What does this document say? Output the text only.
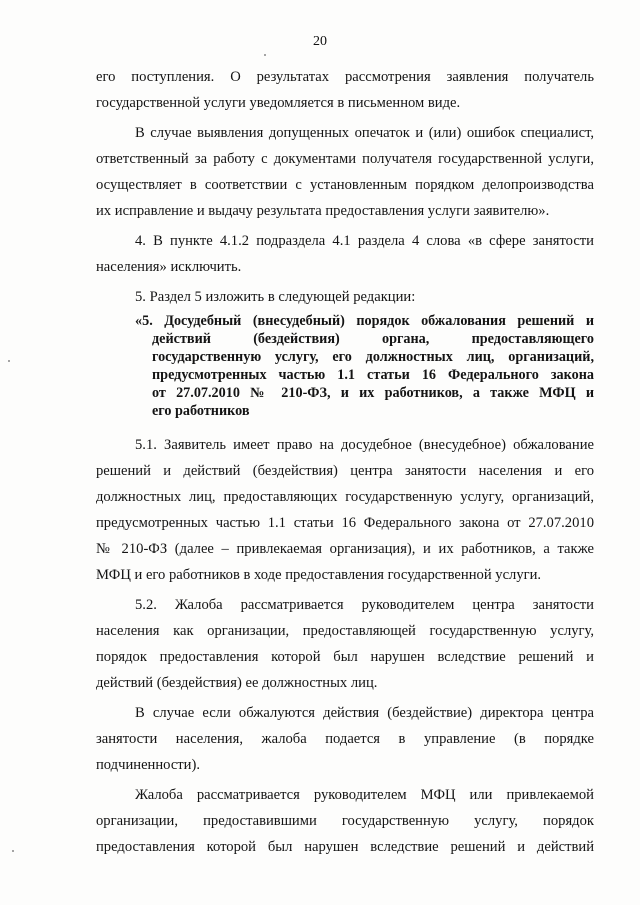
20
его поступления. О результатах рассмотрения заявления получатель
государственной услуги уведомляется в письменном виде.
В случае выявления допущенных опечаток и (или) ошибок специалист,
ответственный за работу с документами получателя государственной услуги,
осуществляет в соответствии с установленным порядком делопроизводства
их исправление и выдачу результата предоставления услуги заявителю».
4. В пункте 4.1.2 подраздела 4.1 раздела 4 слова «в сфере занятости
населения» исключить.
5. Раздел 5 изложить в следующей редакции:
«5. Досудебный (внесудебный) порядок обжалования решений и
действий (бездействия) органа, предоставляющего
государственную услугу, его должностных лиц, организаций,
предусмотренных частью 1.1 статьи 16 Федерального закона
от 27.07.2010 № 210-ФЗ, и их работников, а также МФЦ и
его работников
5.1. Заявитель имеет право на досудебное (внесудебное) обжалование
решений и действий (бездействия) центра занятости населения и его
должностных лиц, предоставляющих государственную услугу, организаций,
предусмотренных частью 1.1 статьи 16 Федерального закона от 27.07.2010
№ 210-ФЗ (далее – привлекаемая организация), и их работников, а также
МФЦ и его работников в ходе предоставления государственной услуги.
5.2. Жалоба рассматривается руководителем центра занятости
населения как организации, предоставляющей государственную услугу,
порядок предоставления которой был нарушен вследствие решений и
действий (бездействия) ее должностных лиц.
В случае если обжалуются действия (бездействие) директора центра
занятости населения, жалоба подается в управление (в порядке
подчиненности).
Жалоба рассматривается руководителем МФЦ или привлекаемой
организации, предоставившими государственную услугу, порядок
предоставления которой был нарушен вследствие решений и действий
